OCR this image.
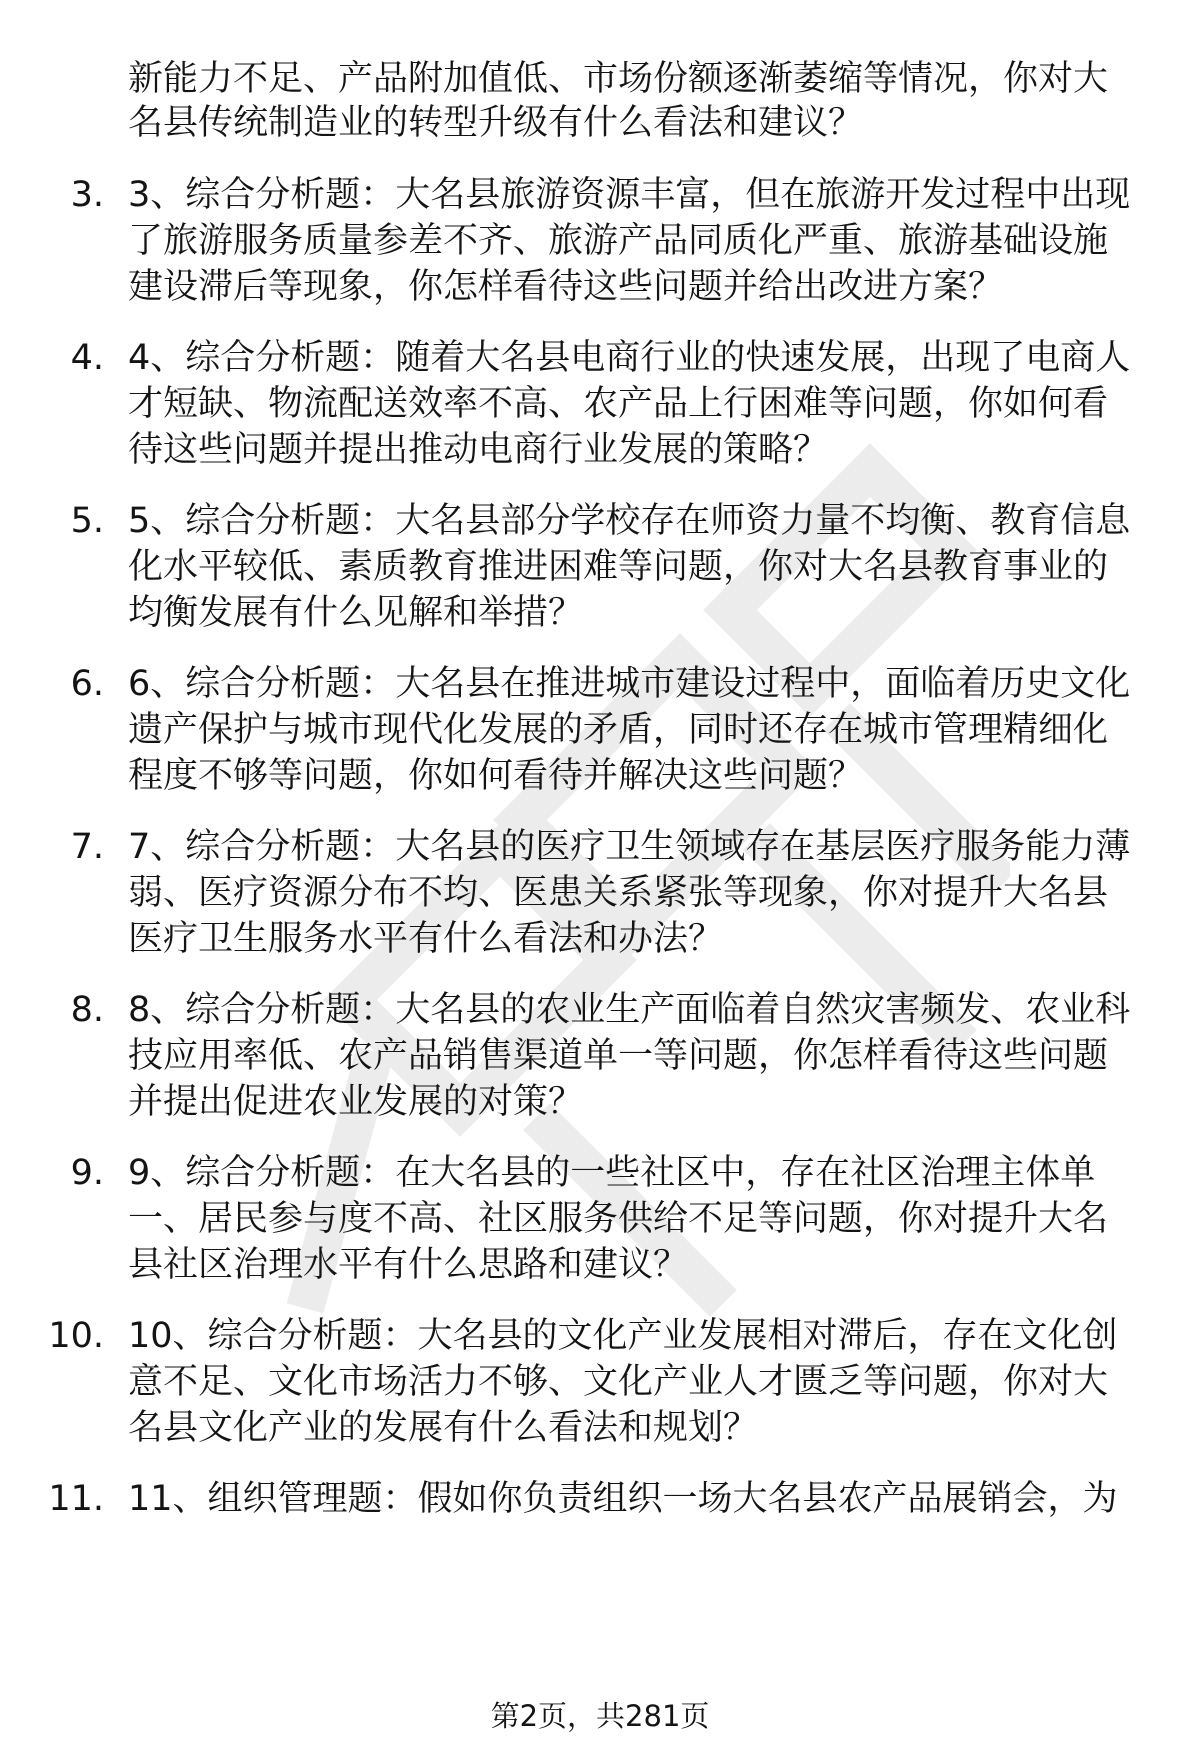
新能力不足、产品附加值低、市场份额逐渐萎缩等情况，你对大
名县传统制造业的转型升级有什么看法和建议？
3. 3、综合分析题：大名县旅游资源丰富，但在旅游开发过程中出现
了旅游服务质量参差不齐、旅游产品同质化严重、旅游基础设施
建设滞后等现象，你怎样看待这些问题并给出改进方案？
4. 4、综合分析题：随着大名县电商行业的快速发展，出现了电商人
才短缺、物流配送效率不高、农产品上行困难等问题，你如何看
待这些问题并提出推动电商行业发展的策略？
5. 5、综合分析题：大名县部分学校存在师资力量不均衡、教育信息
化水平较低、素质教育推进困难等问题，你对大名县教育事业的
均衡发展有什么见解和举措？
6. 6、综合分析题：大名县在推进城市建设过程中，面临着历史文化
遗产保护与城市现代化发展的矛盾，同时还存在城市管理精细化
程度不够等问题，你如何看待并解决这些问题？
7. 7、综合分析题：大名县的医疗卫生领域存在基层医疗服务能力薄
弱、医疗资源分布不均、医患关系紧张等现象，你对提升大名县
医疗卫生服务水平有什么看法和办法？
8. 8、综合分析题：大名县的农业生产面临着自然灾害频发、农业科
技应用率低、农产品销售渠道单一等问题，你怎样看待这些问题
并提出促进农业发展的对策？
9. 9、综合分析题：在大名县的一些社区中，存在社区治理主体单
一、居民参与度不高、社区服务供给不足等问题，你对提升大名
县社区治理水平有什么思路和建议？
10. 10、综合分析题：大名县的文化产业发展相对滞后，存在文化创
意不足、文化市场活力不够、文化产业人才匮乏等问题，你对大
名县文化产业的发展有什么看法和规划？
11. 11、组织管理题：假如你负责组织一场大名县农产品展销会，为
第2页，共281页
